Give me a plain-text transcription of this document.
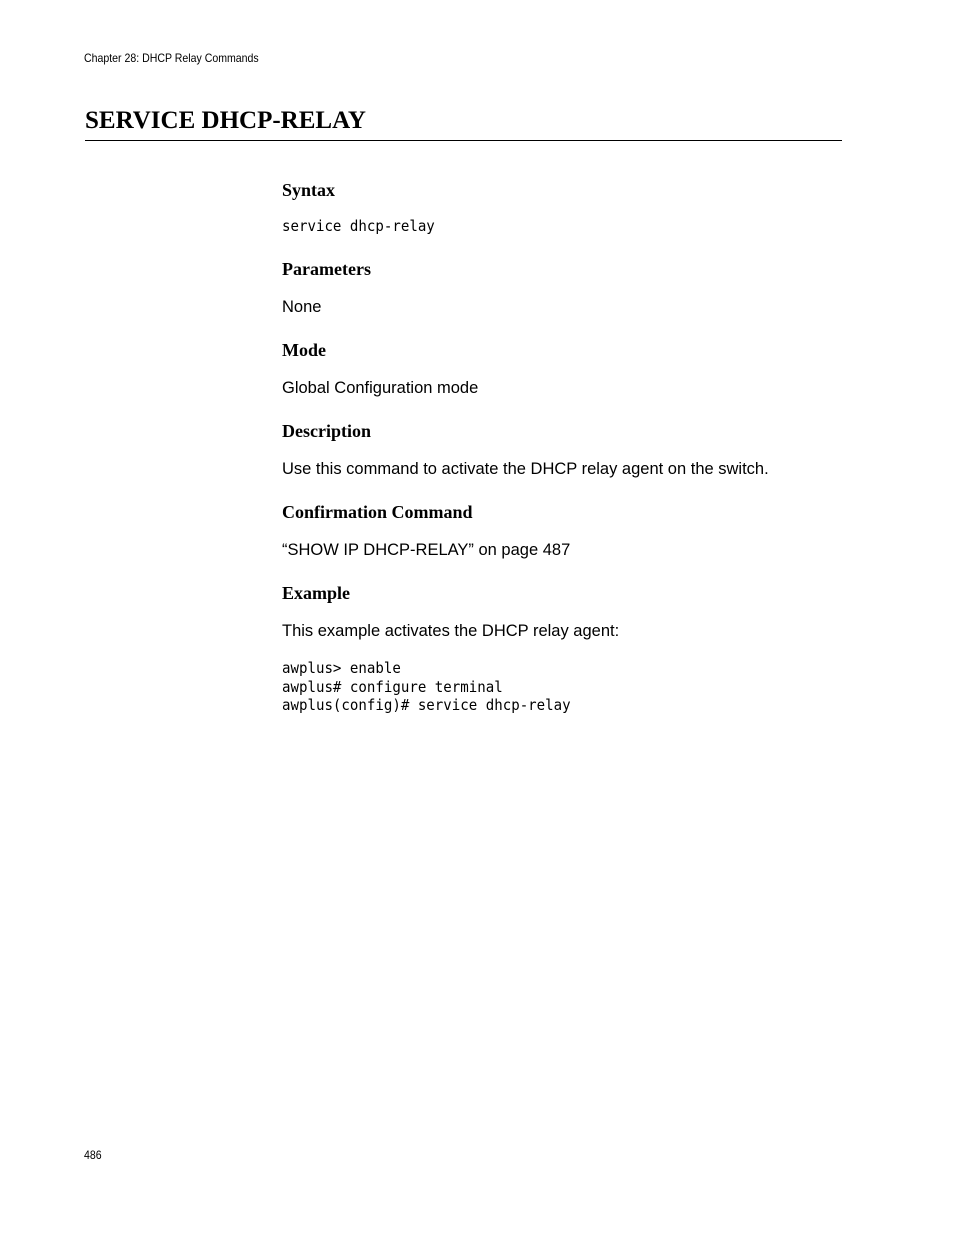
Chapter 28: DHCP Relay Commands
SERVICE DHCP-RELAY
Syntax
service dhcp-relay
Parameters

None

Mode

Global Configuration mode

Description

Use this command to activate the DHCP relay agent on the switch.

Confirmation Command

“SHOW IP DHCP-RELAY” on page 487

Example

This example activates the DHCP relay agent:

awplus> enable
awplus# configure terminal
awplus(config)# service dhcp-relay
486
